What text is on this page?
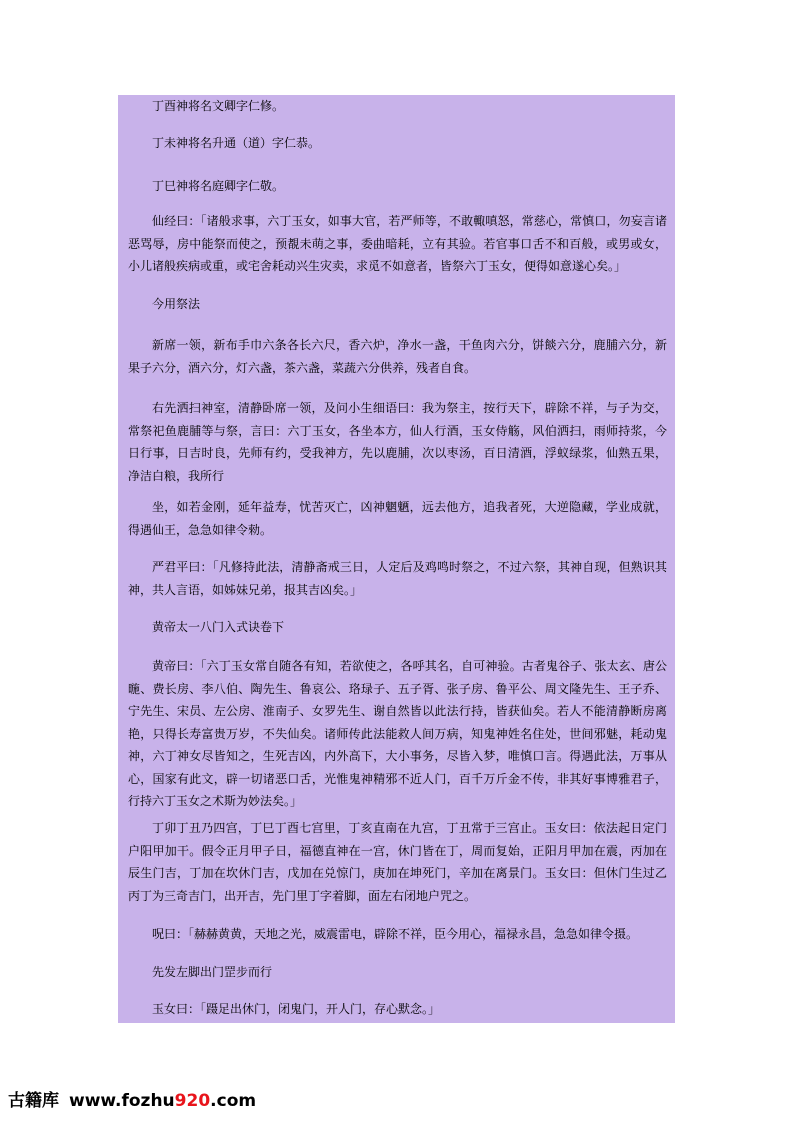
丁酉神将名文卿字仁修。

丁未神将名升通（道）字仁恭。

丁巳神将名庭卿字仁敬。

仙经曰：「诸般求事，六丁玉女，如事大官，若严师等，不敢輙嗔怒，常慈心，常慎口，勿妄言诸恶骂辱，房中能祭而使之，预覩未萌之事，委曲暗耗，立有其验。若官事口舌不和百般，或男或女，小儿诸般疾病或重，或宅舍耗动兴生灾卖，求觅不如意者，皆祭六丁玉女，便得如意遂心矣。」

今用祭法

新席一领，新布手巾六条各长六尺，香六炉，净水一盏，干鱼肉六分，饼餤六分，鹿脯六分，新果子六分，酒六分，灯六盏，茶六盏，菜蔬六分供养，残者自食。

右先洒扫神室，清静卧席一领，及问小生细语曰：我为祭主，按行天下，辟除不祥，与子为交，常祭祀鱼鹿脯等与祭，言曰：六丁玉女，各坐本方，仙人行酒，玉女侍觞，风伯洒扫，雨师持浆，今日行事，日吉时良，先师有约，受我神方，先以鹿脯，次以枣汤，百日清酒，浮蚁绿浆，仙熟五果，净洁白粮，我所行

坐，如若金刚，延年益寿，忧苦灭亡，凶神魍魉，远去他方，追我者死，大逆隐藏，学业成就，得遇仙王，急急如律令勑。

严君平曰：「凡修持此法，清静斋戒三日，人定后及鸡鸣时祭之，不过六祭，其神自现，但熟识其神，共人言语，如姊妹兄弟，报其吉凶矣。」

黄帝太一八门入式诀卷下

黄帝曰：「六丁玉女常自随各有知，若欲使之，各呼其名，自可神验。古者鬼谷子、张太玄、唐公暆、费长房、李八伯、陶先生、鲁哀公、珞琭子、五子胥、张子房、鲁平公、周文隆先生、王子乔、宁先生、宋员、左公房、淮南子、女罗先生、谢自然皆以此法行持，皆获仙矣。若人不能清静断房离艳，只得长寿富贵万岁，不失仙矣。诸师传此法能救人间万病，知鬼神姓名住处，世间邪魅，耗动鬼神，六丁神女尽皆知之，生死吉凶，内外高下，大小事务，尽皆入梦，唯慎口言。得遇此法，万事从心，国家有此文，辟一切诸恶口舌，光惟鬼神精邪不近人门，百千万斤金不传，非其好事博雅君子，行持六丁玉女之术斯为妙法矣。」

丁卯丁丑乃四宫，丁巳丁酉七宫里，丁亥直南在九宫，丁丑常于三宫止。玉女曰：依法起日定门户阳甲加干。假令正月甲子日，福德直神在一宫，休门皆在丁，周而复始，正阳月甲加在震，丙加在辰生门吉，丁加在坎休门吉，戊加在兑惊门，庚加在坤死门，辛加在离景门。玉女曰：但休门生过乙丙丁为三奇吉门，出开吉，先门里丁字着脚，面左右闭地户咒之。

呪曰：「赫赫黄黄，天地之光，威震雷电，辟除不祥，臣今用心，福禄永昌，急急如律令摄。

先发左脚出门罡步而行

玉女曰：「蹑足出休门，闭鬼门，开人门，存心默念。」

古籍库 www.fozhu920.com
